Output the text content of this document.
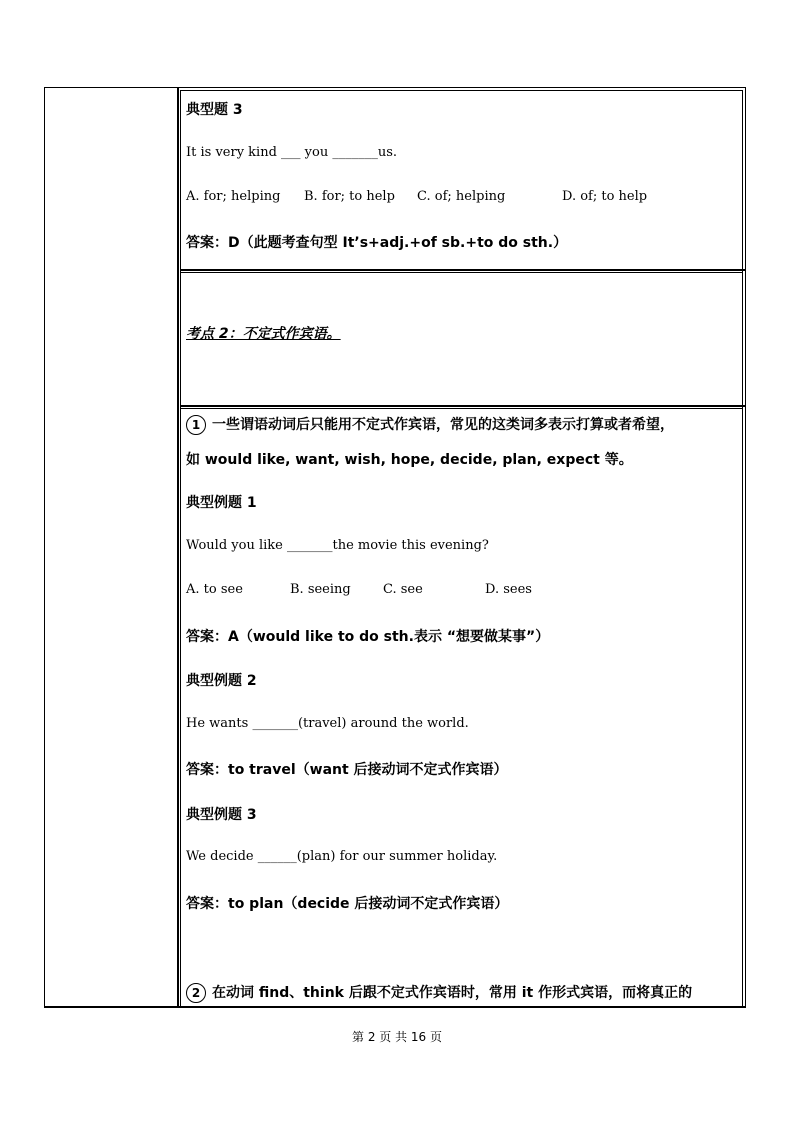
典型题 3
It is very kind ___ you _______us.
A. for; helping B. for; to help C. of; helping	D. of; to help
答案：D（此题考查句型 It’s+adj.+of sb.+to do sth.）
考点 2：不定式作宾语。
1 一些谓语动词后只能用不定式作宾语，常见的这类词多表示打算或者希望，
如 would like, want, wish, hope, decide, plan, expect 等。
典型例题 1
Would you like _______the movie this evening?
A. to see	B. seeing C. see	D. sees
答案：A（would like to do sth.表示 “想要做某事”）
典型例题 2
He wants _______(travel) around the world.
答案：to travel（want 后接动词不定式作宾语）
典型例题 3
We decide ______(plan) for our summer holiday.
答案：to plan（decide 后接动词不定式作宾语）
2 在动词 find、think 后跟不定式作宾语时，常用 it 作形式宾语，而将真正的
第 2 页 共 16 页
